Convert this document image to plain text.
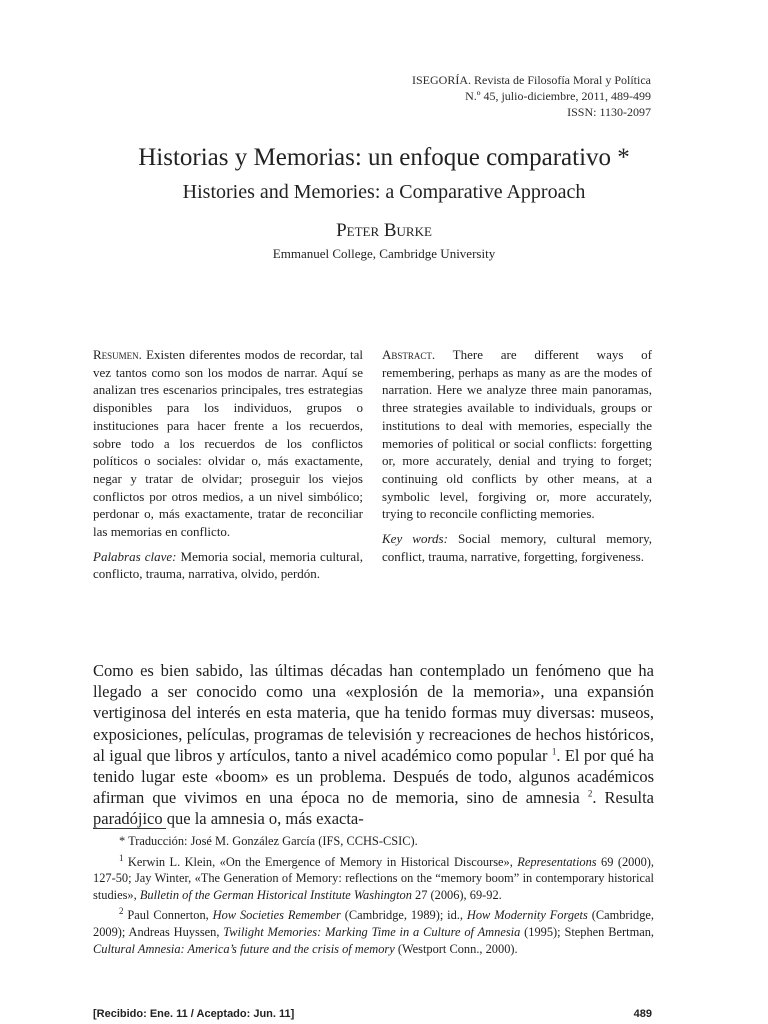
ISEGORÍA. Revista de Filosofía Moral y Política
N.º 45, julio-diciembre, 2011, 489-499
ISSN: 1130-2097
Historias y Memorias: un enfoque comparativo *
Histories and Memories: a Comparative Approach
Peter Burke
Emmanuel College, Cambridge University
Resumen. Existen diferentes modos de recordar, tal vez tantos como son los modos de narrar. Aquí se analizan tres escenarios principales, tres estrategias disponibles para los individuos, grupos o instituciones para hacer frente a los recuerdos, sobre todo a los recuerdos de los conflictos políticos o sociales: olvidar o, más exactamente, negar y tratar de olvidar; proseguir los viejos conflictos por otros medios, a un nivel simbólico; perdonar o, más exactamente, tratar de reconciliar las memorias en conflicto.
Palabras clave: Memoria social, memoria cultural, conflicto, trauma, narrativa, olvido, perdón.
Abstract. There are different ways of remembering, perhaps as many as are the modes of narration. Here we analyze three main panoramas, three strategies available to individuals, groups or institutions to deal with memories, especially the memories of political or social conflicts: forgetting or, more accurately, denial and trying to forget; continuing old conflicts by other means, at a symbolic level, forgiving or, more accurately, trying to reconcile conflicting memories.
Key words: Social memory, cultural memory, conflict, trauma, narrative, forgetting, forgiveness.
Como es bien sabido, las últimas décadas han contemplado un fenómeno que ha llegado a ser conocido como una «explosión de la memoria», una expansión vertiginosa del interés en esta materia, que ha tenido formas muy diversas: museos, exposiciones, películas, programas de televisión y recreaciones de hechos históricos, al igual que libros y artículos, tanto a nivel académico como popular $^1$. El por qué ha tenido lugar este «boom» es un problema. Después de todo, algunos académicos afirman que vivimos en una época no de memoria, sino de amnesia $^2$. Resulta paradójico que la amnesia o, más exacta-
* Traducción: José M. González García (IFS, CCHS-CSIC).
$^1$ Kerwin L. Klein, «On the Emergence of Memory in Historical Discourse», Representations 69 (2000), 127-50; Jay Winter, «The Generation of Memory: reflections on the “memory boom” in contemporary historical studies», Bulletin of the German Historical Institute Washington 27 (2006), 69-92.
$^2$ Paul Connerton, How Societies Remember (Cambridge, 1989); id., How Modernity Forgets (Cambridge, 2009); Andreas Huyssen, Twilight Memories: Marking Time in a Culture of Amnesia (1995); Stephen Bertman, Cultural Amnesia: America’s future and the crisis of memory (Westport Conn., 2000).
[Recibido: Ene. 11 / Aceptado: Jun. 11]	489
